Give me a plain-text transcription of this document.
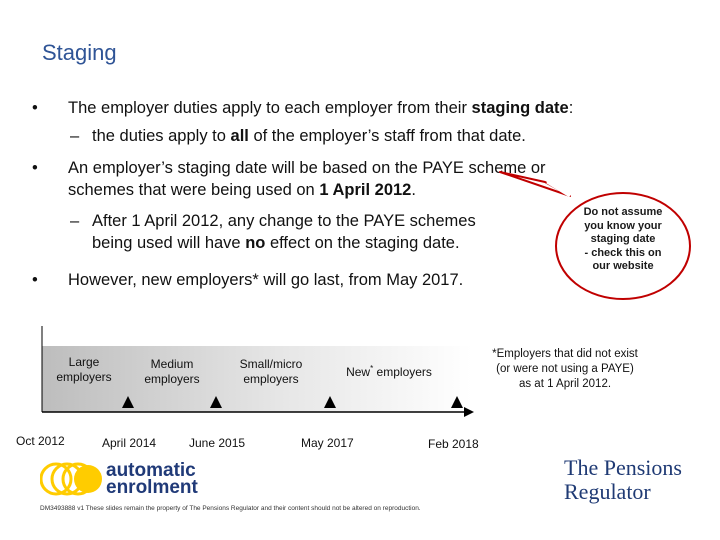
Staging
• The employer duties apply to each employer from their staging date:
– the duties apply to all of the employer’s staff from that date.
• An employer’s staging date will be based on the PAYE scheme or
schemes that were being used on 1 April 2012.
– After 1 April 2012, any change to the PAYE schemes
being used will have no effect on the staging date.
• However, new employers* will go last, from May 2017.
Do not assume
you know your
staging date
- check this on
our website
Large
employers
Medium
employers
Small/micro
employers	New* employers
Oct 2012	April 2014	June 2015	May 2017	Feb 2018
*Employers that did not exist
(or were not using a PAYE)
as at 1 April 2012.
automatic
enrolment
The Pensions
Regulator
DM3493888 v1 These slides remain the property of The Pensions Regulator and their content should not be altered on reproduction.
